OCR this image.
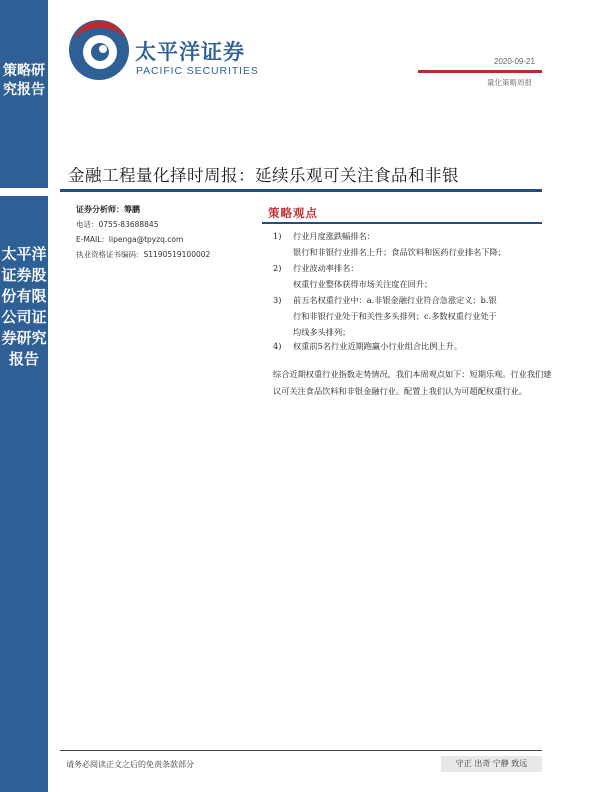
策略研究报告
太平洋证券股份有限公司证券研究报告
太平洋证券
PACIFIC SECURITIES
2020-09-21
量化策略周报
金融工程量化择时周报：延续乐观可关注食品和非银
证券分析师：筹鹏
电话：0755-83688845
E-MAIL：lipenga@tpyzq.com
执业资格证书编码：S1190519100002
策略观点
1) 行业月度涨跌幅排名：
银行和非银行业排名上升；食品饮料和医药行业排名下降；
2) 行业波动率排名：
权重行业整体获得市场关注度在回升；
3) 前五名权重行业中：a.非银金融行业符合急涨定义；b.银
行和非银行业处于和关性多头排列；c.多数权重行业处于
均线多头排列；
4) 权重前5名行业近期跑赢小行业组合比例上升。
综合近期权重行业指数走势情况，我们本周观点如下：短期乐观。行业我们建议可关注食品饮料和非银金融行业。配置上我们认为可超配权重行业。
请务必阅读正文之后的免责条款部分	守正 出奇 宁静 致远
